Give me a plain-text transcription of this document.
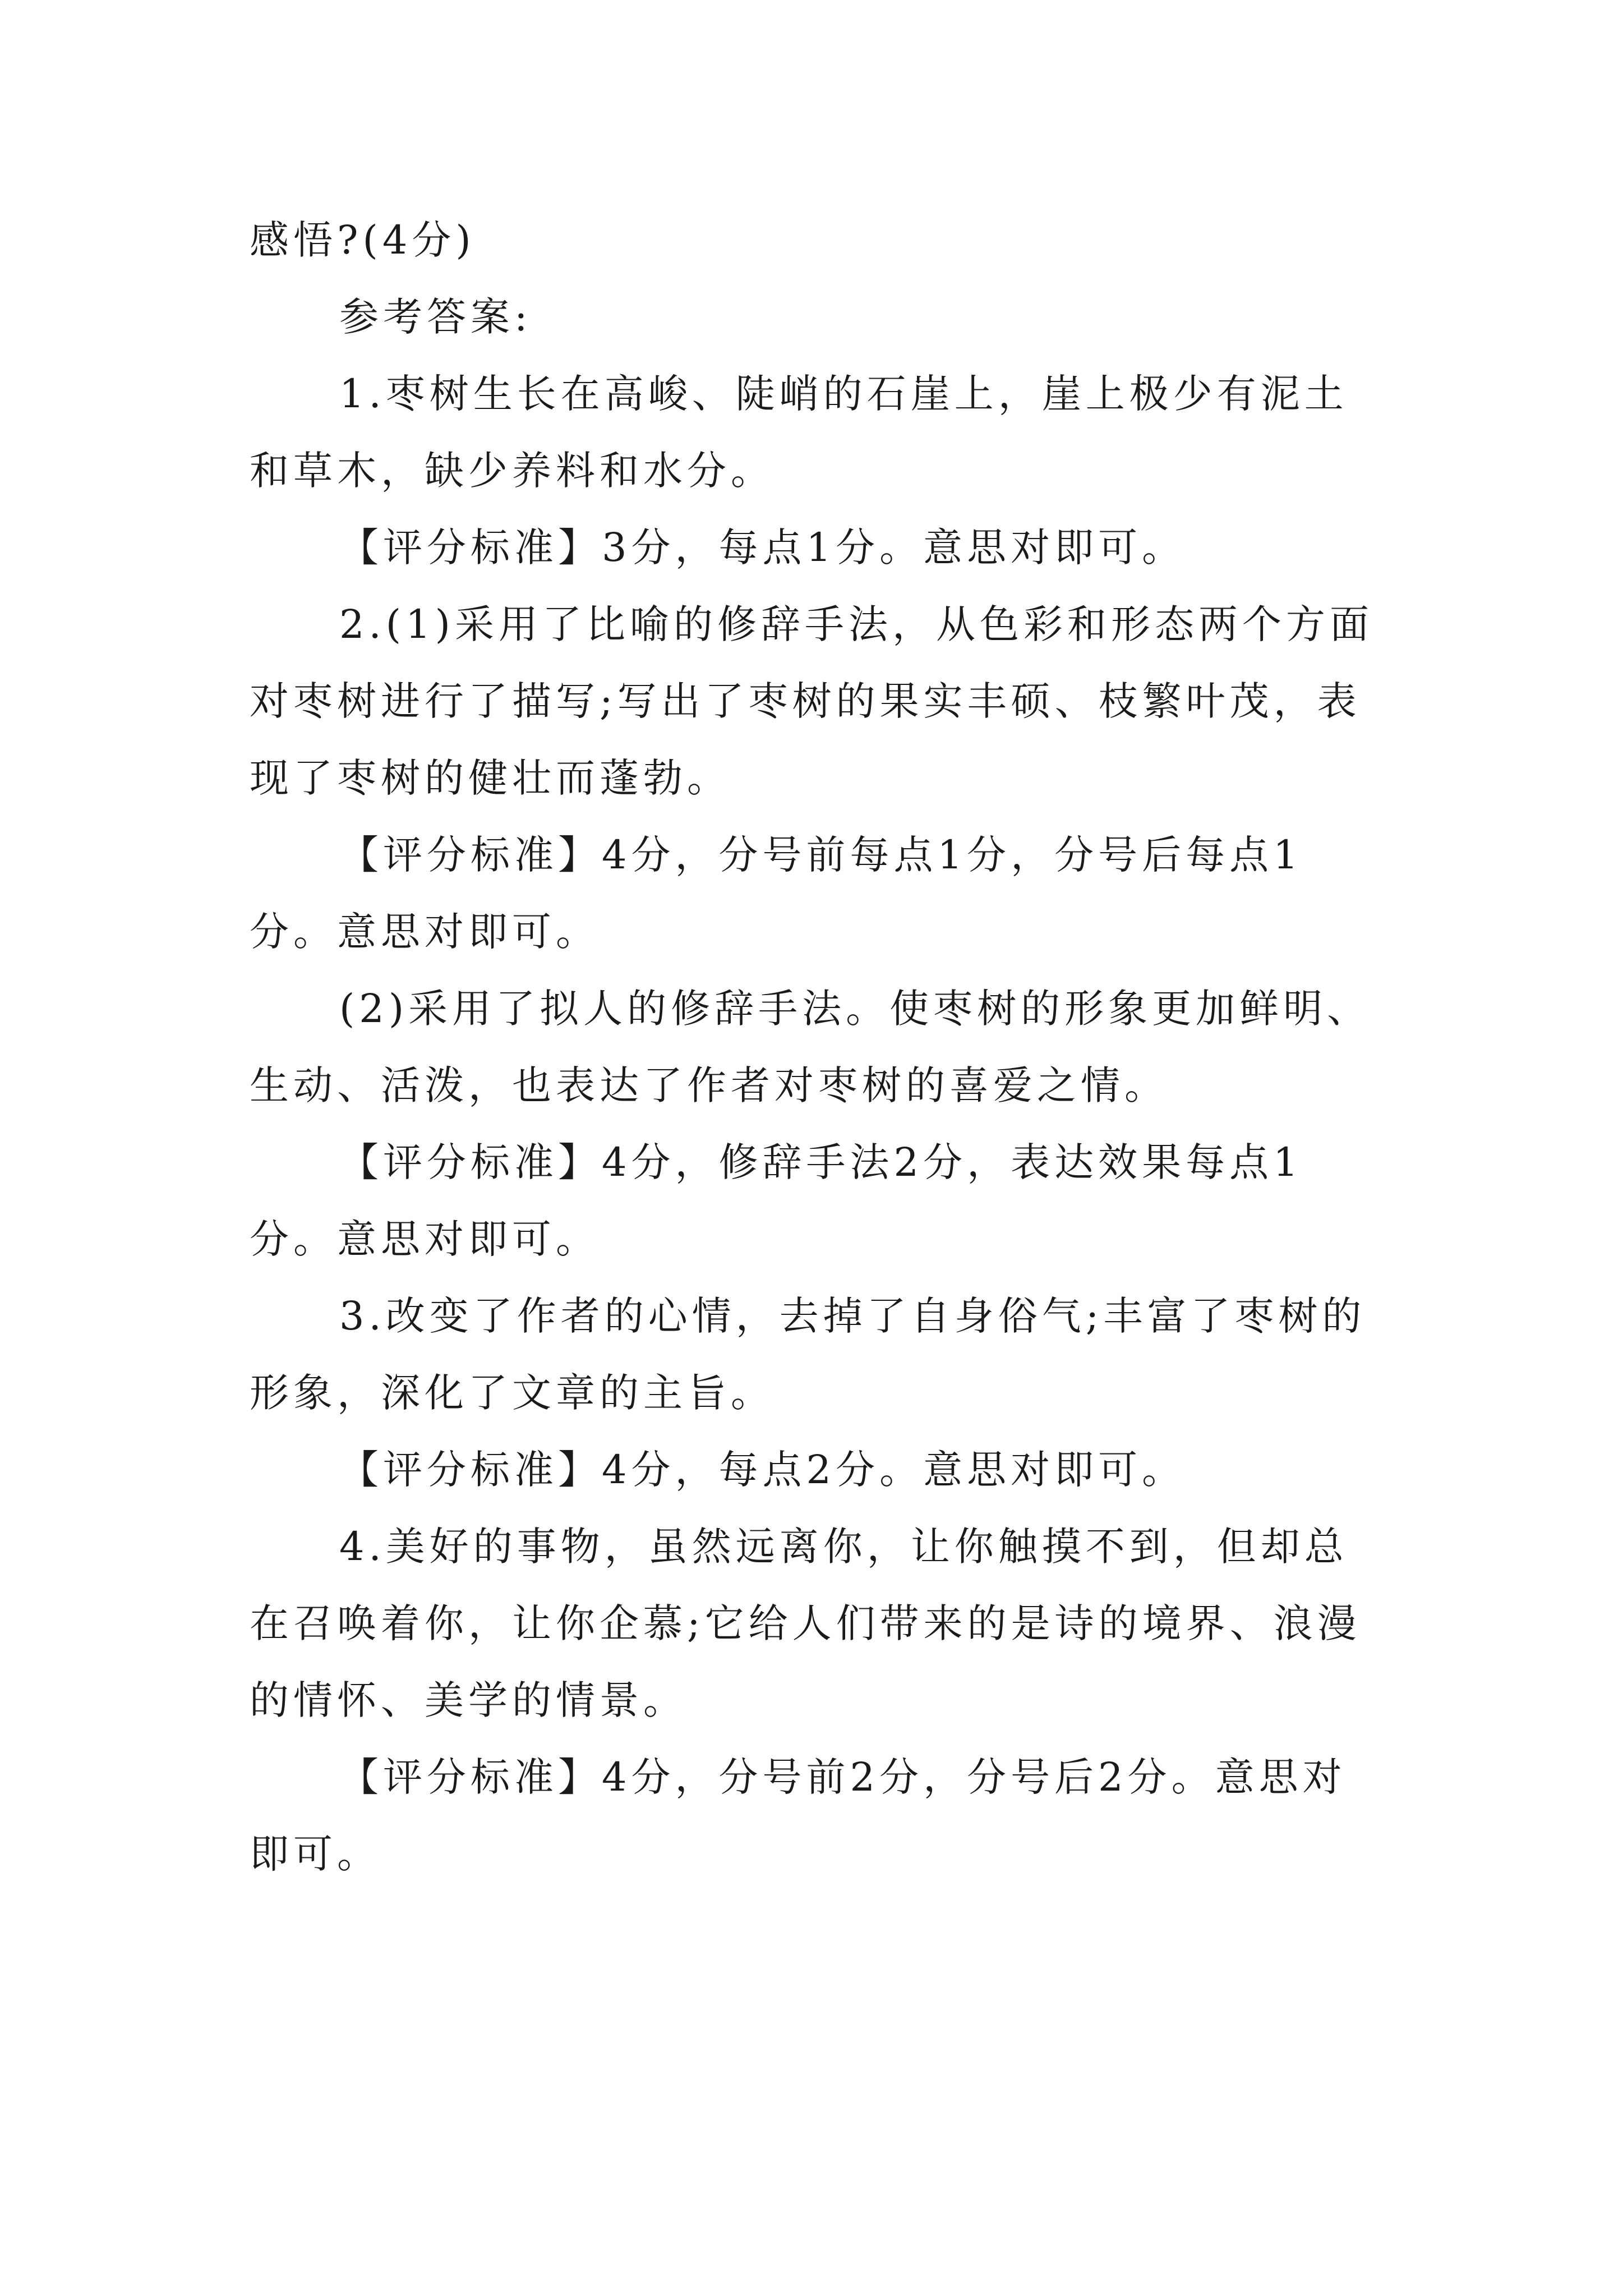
感悟?(4分)

参考答案:

1.枣树生长在高峻、陡峭的石崖上，崖上极少有泥土和草木，缺少养料和水分。

【评分标准】3分，每点1分。意思对即可。

2.(1)采用了比喻的修辞手法，从色彩和形态两个方面对枣树进行了描写;写出了枣树的果实丰硕、枝繁叶茂，表现了枣树的健壮而蓬勃。

【评分标准】4分，分号前每点1分，分号后每点1分。意思对即可。

(2)采用了拟人的修辞手法。使枣树的形象更加鲜明、生动、活泼，也表达了作者对枣树的喜爱之情。

【评分标准】4分，修辞手法2分，表达效果每点1分。意思对即可。

3.改变了作者的心情，去掉了自身俗气;丰富了枣树的形象，深化了文章的主旨。

【评分标准】4分，每点2分。意思对即可。

4.美好的事物，虽然远离你，让你触摸不到，但却总在召唤着你，让你企慕;它给人们带来的是诗的境界、浪漫的情怀、美学的情景。

【评分标准】4分，分号前2分，分号后2分。意思对即可。
